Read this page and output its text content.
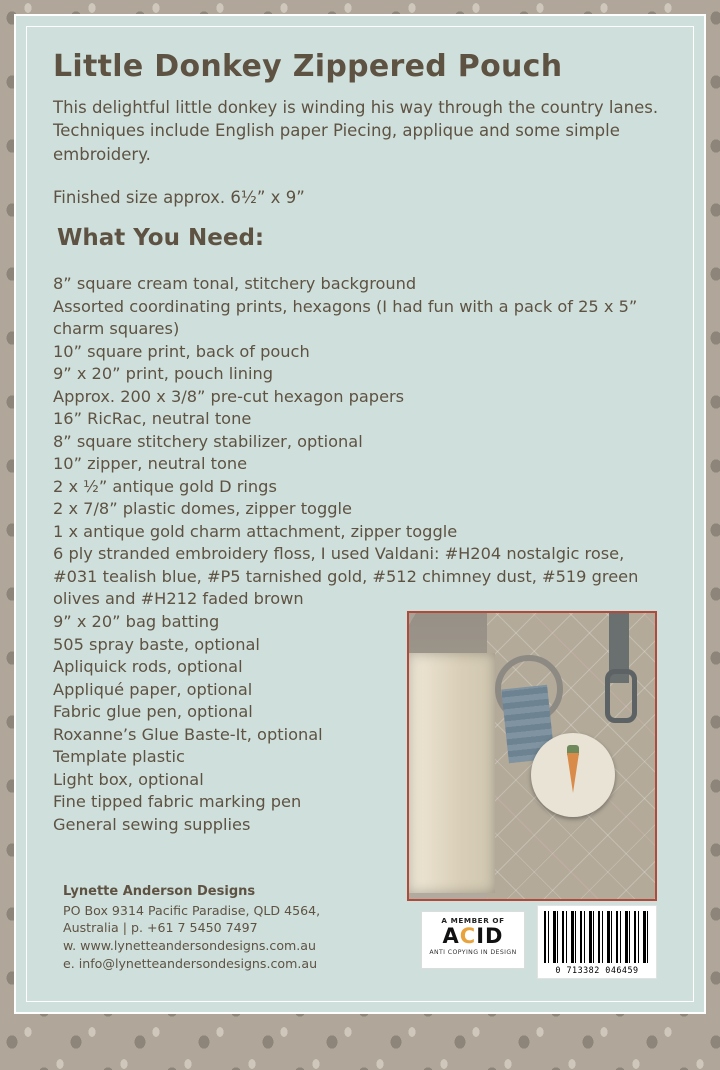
Little Donkey Zippered Pouch

This delightful little donkey is winding his way through the country lanes. Techniques include English paper Piecing, applique and some simple embroidery.

Finished size approx. 6½” x 9”

What You Need:
8” square cream tonal, stitchery background
Assorted coordinating prints, hexagons (I had fun with a pack of 25 x 5” charm squares)
10” square print, back of pouch
9” x 20” print, pouch lining
Approx. 200 x 3/8” pre-cut hexagon papers
16” RicRac, neutral tone
8” square stitchery stabilizer, optional
10” zipper, neutral tone
2 x ½” antique gold D rings
2 x 7/8” plastic domes, zipper toggle
1 x antique gold charm attachment, zipper toggle
6 ply stranded embroidery floss, I used Valdani: #H204 nostalgic rose, #031 tealish blue, #P5 tarnished gold, #512 chimney dust, #519 green olives and #H212 faded brown
9” x 20” bag batting
505 spray baste, optional
Apliquick rods, optional
Appliqué paper, optional
Fabric glue pen, optional
Roxanne’s Glue Baste-It, optional
Template plastic
Light box, optional
Fine tipped fabric marking pen
General sewing supplies
Lynette Anderson Designs
PO Box 9314 Pacific Paradise, QLD 4564,
Australia | p. +61 7 5450 7497
w. www.lynetteandersondesigns.com.au
e. info@lynetteandersondesigns.com.au
A MEMBER OF
ACID
ANTI COPYING IN DESIGN
0 713382 046459
